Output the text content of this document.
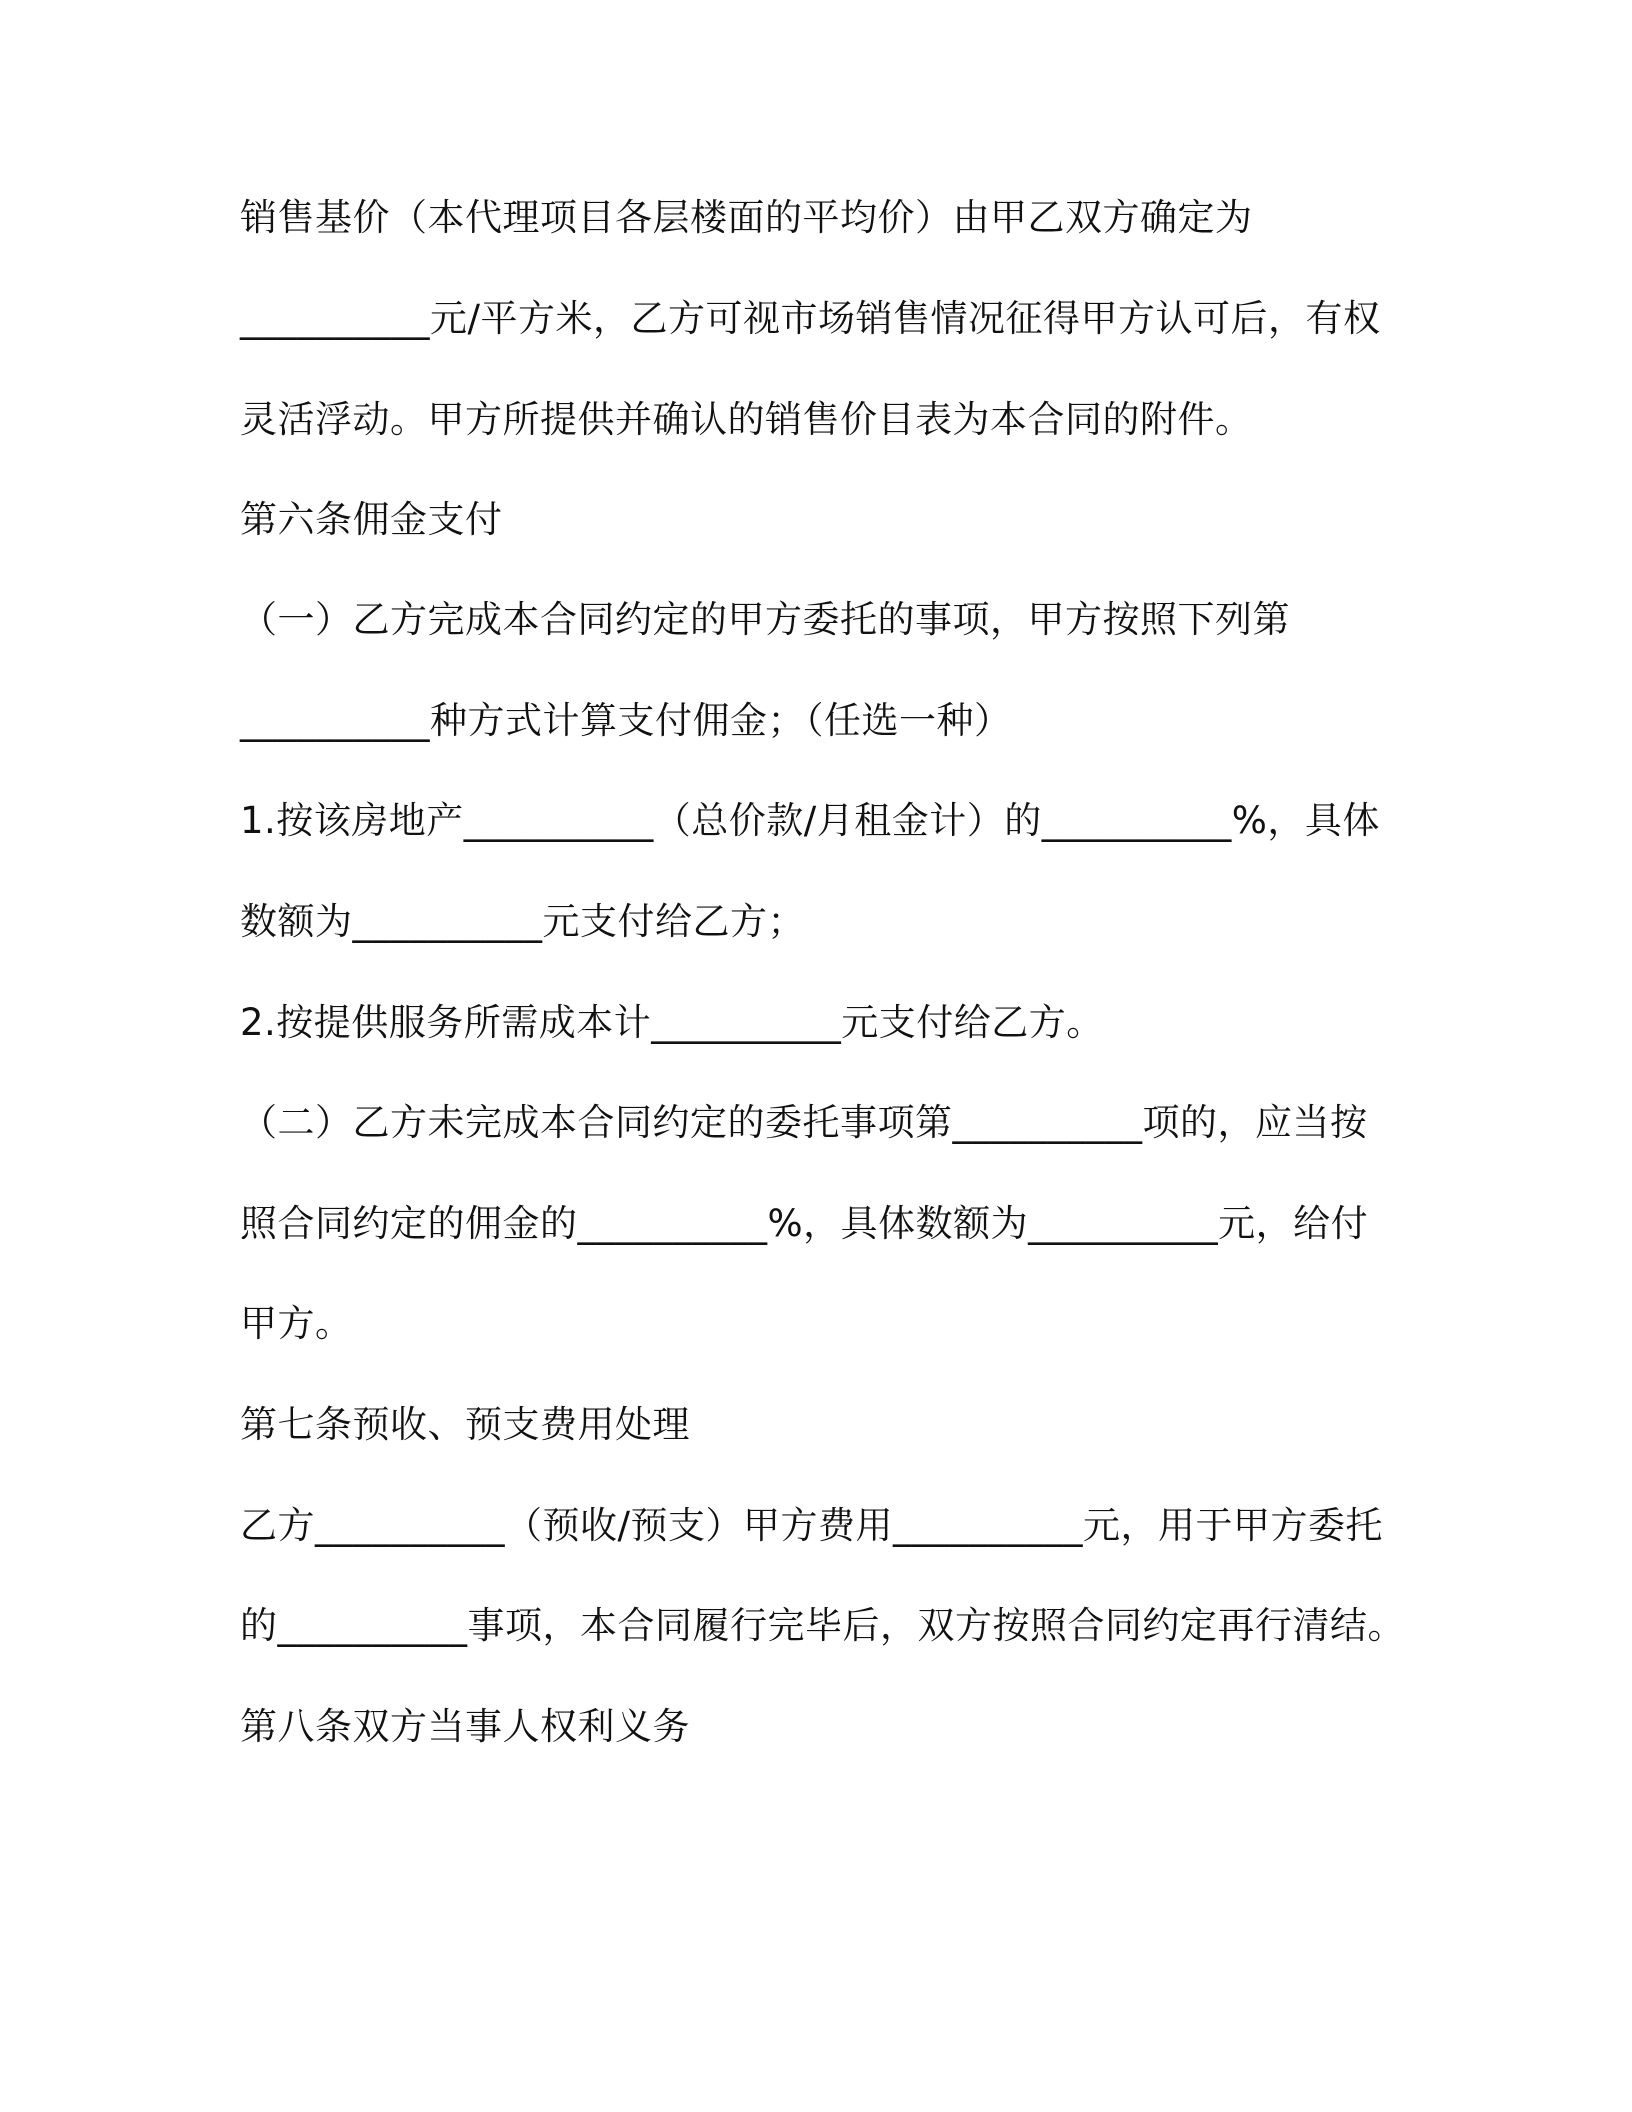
销售基价（本代理项目各层楼面的平均价）由甲乙双方确定为
__________元/平方米，乙方可视市场销售情况征得甲方认可后，有权
灵活浮动。甲方所提供并确认的销售价目表为本合同的附件。
第六条佣金支付
（一）乙方完成本合同约定的甲方委托的事项，甲方按照下列第
__________种方式计算支付佣金；（任选一种）
1.按该房地产__________（总价款/月租金计）的__________%，具体
数额为__________元支付给乙方；
2.按提供服务所需成本计__________元支付给乙方。
（二）乙方未完成本合同约定的委托事项第__________项的，应当按
照合同约定的佣金的__________%，具体数额为__________元，给付
甲方。
第七条预收、预支费用处理
乙方__________（预收/预支）甲方费用__________元，用于甲方委托
的__________事项，本合同履行完毕后，双方按照合同约定再行清结。
第八条双方当事人权利义务
